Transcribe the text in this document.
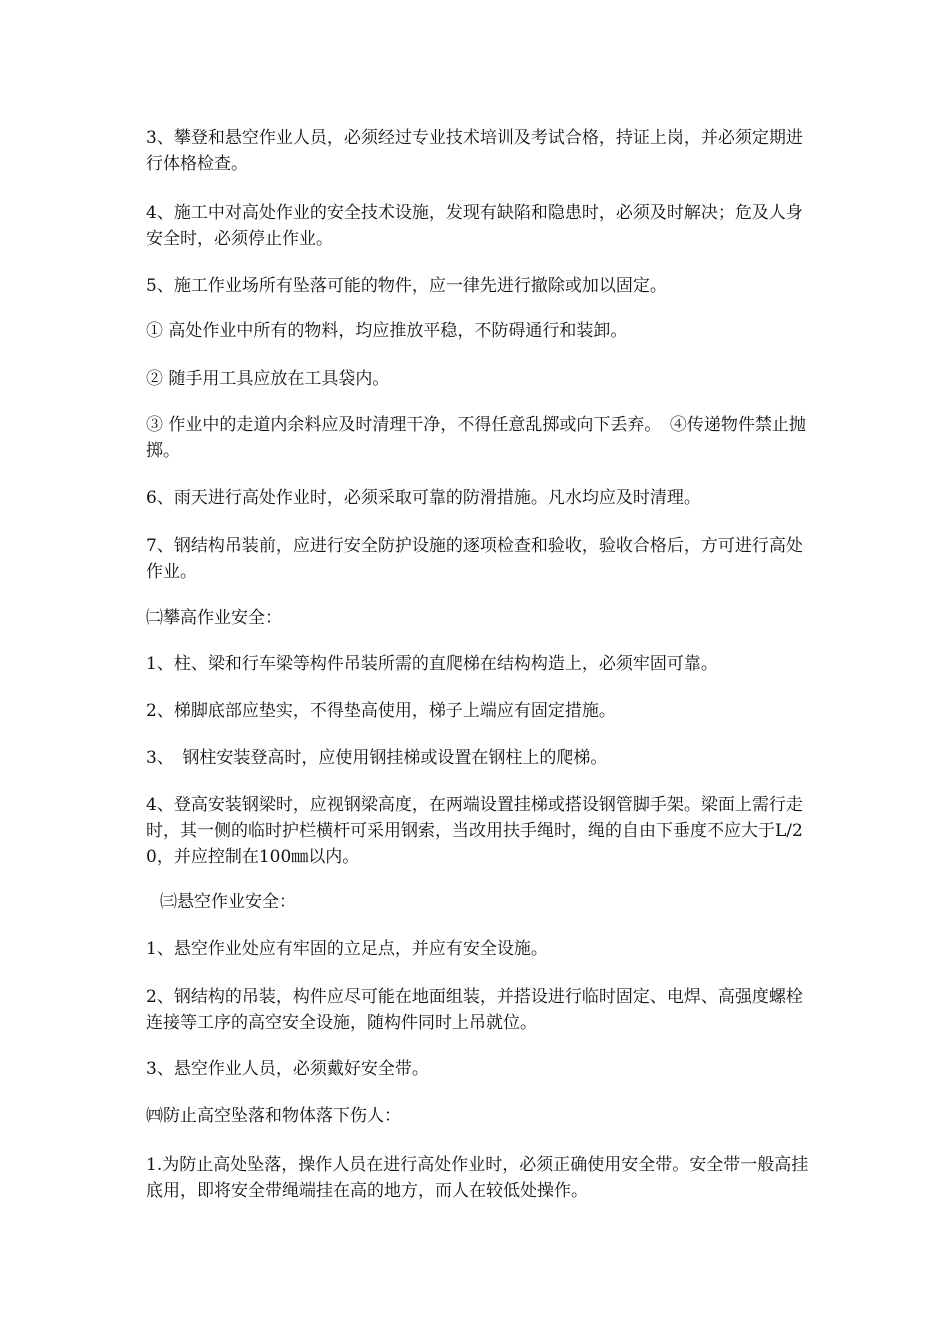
3、攀登和悬空作业人员，必须经过专业技术培训及考试合格，持证上岗，并必须定期进行体格检查。

4、施工中对高处作业的安全技术设施，发现有缺陷和隐患时，必须及时解决；危及人身安全时，必须停止作业。

5、施工作业场所有坠落可能的物件，应一律先进行撤除或加以固定。

① 高处作业中所有的物料，均应推放平稳，不防碍通行和装卸。

② 随手用工具应放在工具袋内。

③ 作业中的走道内余料应及时清理干净，不得任意乱掷或向下丢弃。　④传递物件禁止抛掷。

6、雨天进行高处作业时，必须采取可靠的防滑措施。凡水均应及时清理。

7、钢结构吊装前，应进行安全防护设施的逐项检查和验收，验收合格后，方可进行高处作业。

㈡攀高作业安全：

1、柱、梁和行车梁等构件吊装所需的直爬梯在结构构造上，必须牢固可靠。

2、梯脚底部应垫实，不得垫高使用，梯子上端应有固定措施。

3、　钢柱安装登高时，应使用钢挂梯或设置在钢柱上的爬梯。

4、登高安装钢梁时，应视钢梁高度，在两端设置挂梯或搭设钢管脚手架。梁面上需行走时，其一侧的临时护栏横杆可采用钢索，当改用扶手绳时，绳的自由下垂度不应大于L/20，并应控制在100㎜以内。

㈢悬空作业安全：

1、悬空作业处应有牢固的立足点，并应有安全设施。

2、钢结构的吊装，构件应尽可能在地面组装，并搭设进行临时固定、电焊、高强度螺栓连接等工序的高空安全设施，随构件同时上吊就位。

3、悬空作业人员，必须戴好安全带。

㈣防止高空坠落和物体落下伤人：

1.为防止高处坠落，操作人员在进行高处作业时，必须正确使用安全带。安全带一般高挂底用，即将安全带绳端挂在高的地方，而人在较低处操作。
